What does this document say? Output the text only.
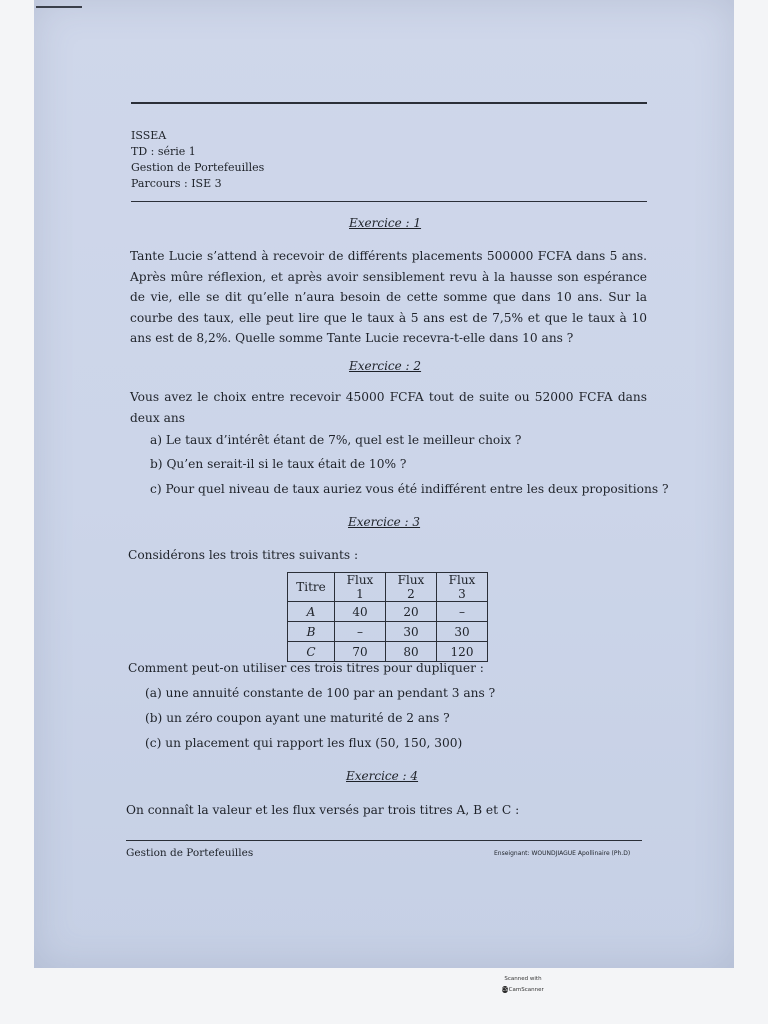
ISSEA
TD : série 1
Gestion de Portefeuilles
Parcours : ISE 3
Exercice : 1
Tante Lucie s’attend à recevoir de différents placements 500000 FCFA dans 5 ans. Après mûre réflexion, et après avoir sensiblement revu à la hausse son espérance de vie, elle se dit qu’elle n’aura besoin de cette somme que dans 10 ans. Sur la courbe des taux, elle peut lire que le taux à 5 ans est de 7,5% et que le taux à 10 ans est de 8,2%. Quelle somme Tante Lucie recevra-t-elle dans 10 ans ?
Exercice : 2
Vous avez le choix entre recevoir 45000 FCFA tout de suite ou 52000 FCFA dans deux ans
a) Le taux d’intérêt étant de 7%, quel est le meilleur choix ?
b) Qu’en serait-il si le taux était de 10% ?
c) Pour quel niveau de taux auriez vous été indifférent entre les deux propositions ?
Exercice : 3
Considérons les trois titres suivants :
Titre	Flux 1	Flux 2	Flux 3
A	40	20	–
B	–	30	30
C	70	80	120
Comment peut-on utiliser ces trois titres pour dupliquer :
(a) une annuité constante de 100 par an pendant 3 ans ?
(b) un zéro coupon ayant une maturité de 2 ans ?
(c) un placement qui rapport les flux (50, 150, 300)
Exercice : 4
On connaît la valeur et les flux versés par trois titres A, B et C :
Gestion de Portefeuilles	Enseignant: WOUNDJIAGUE Apollinaire (Ph.D)
Scanned with
CS CamScanner
